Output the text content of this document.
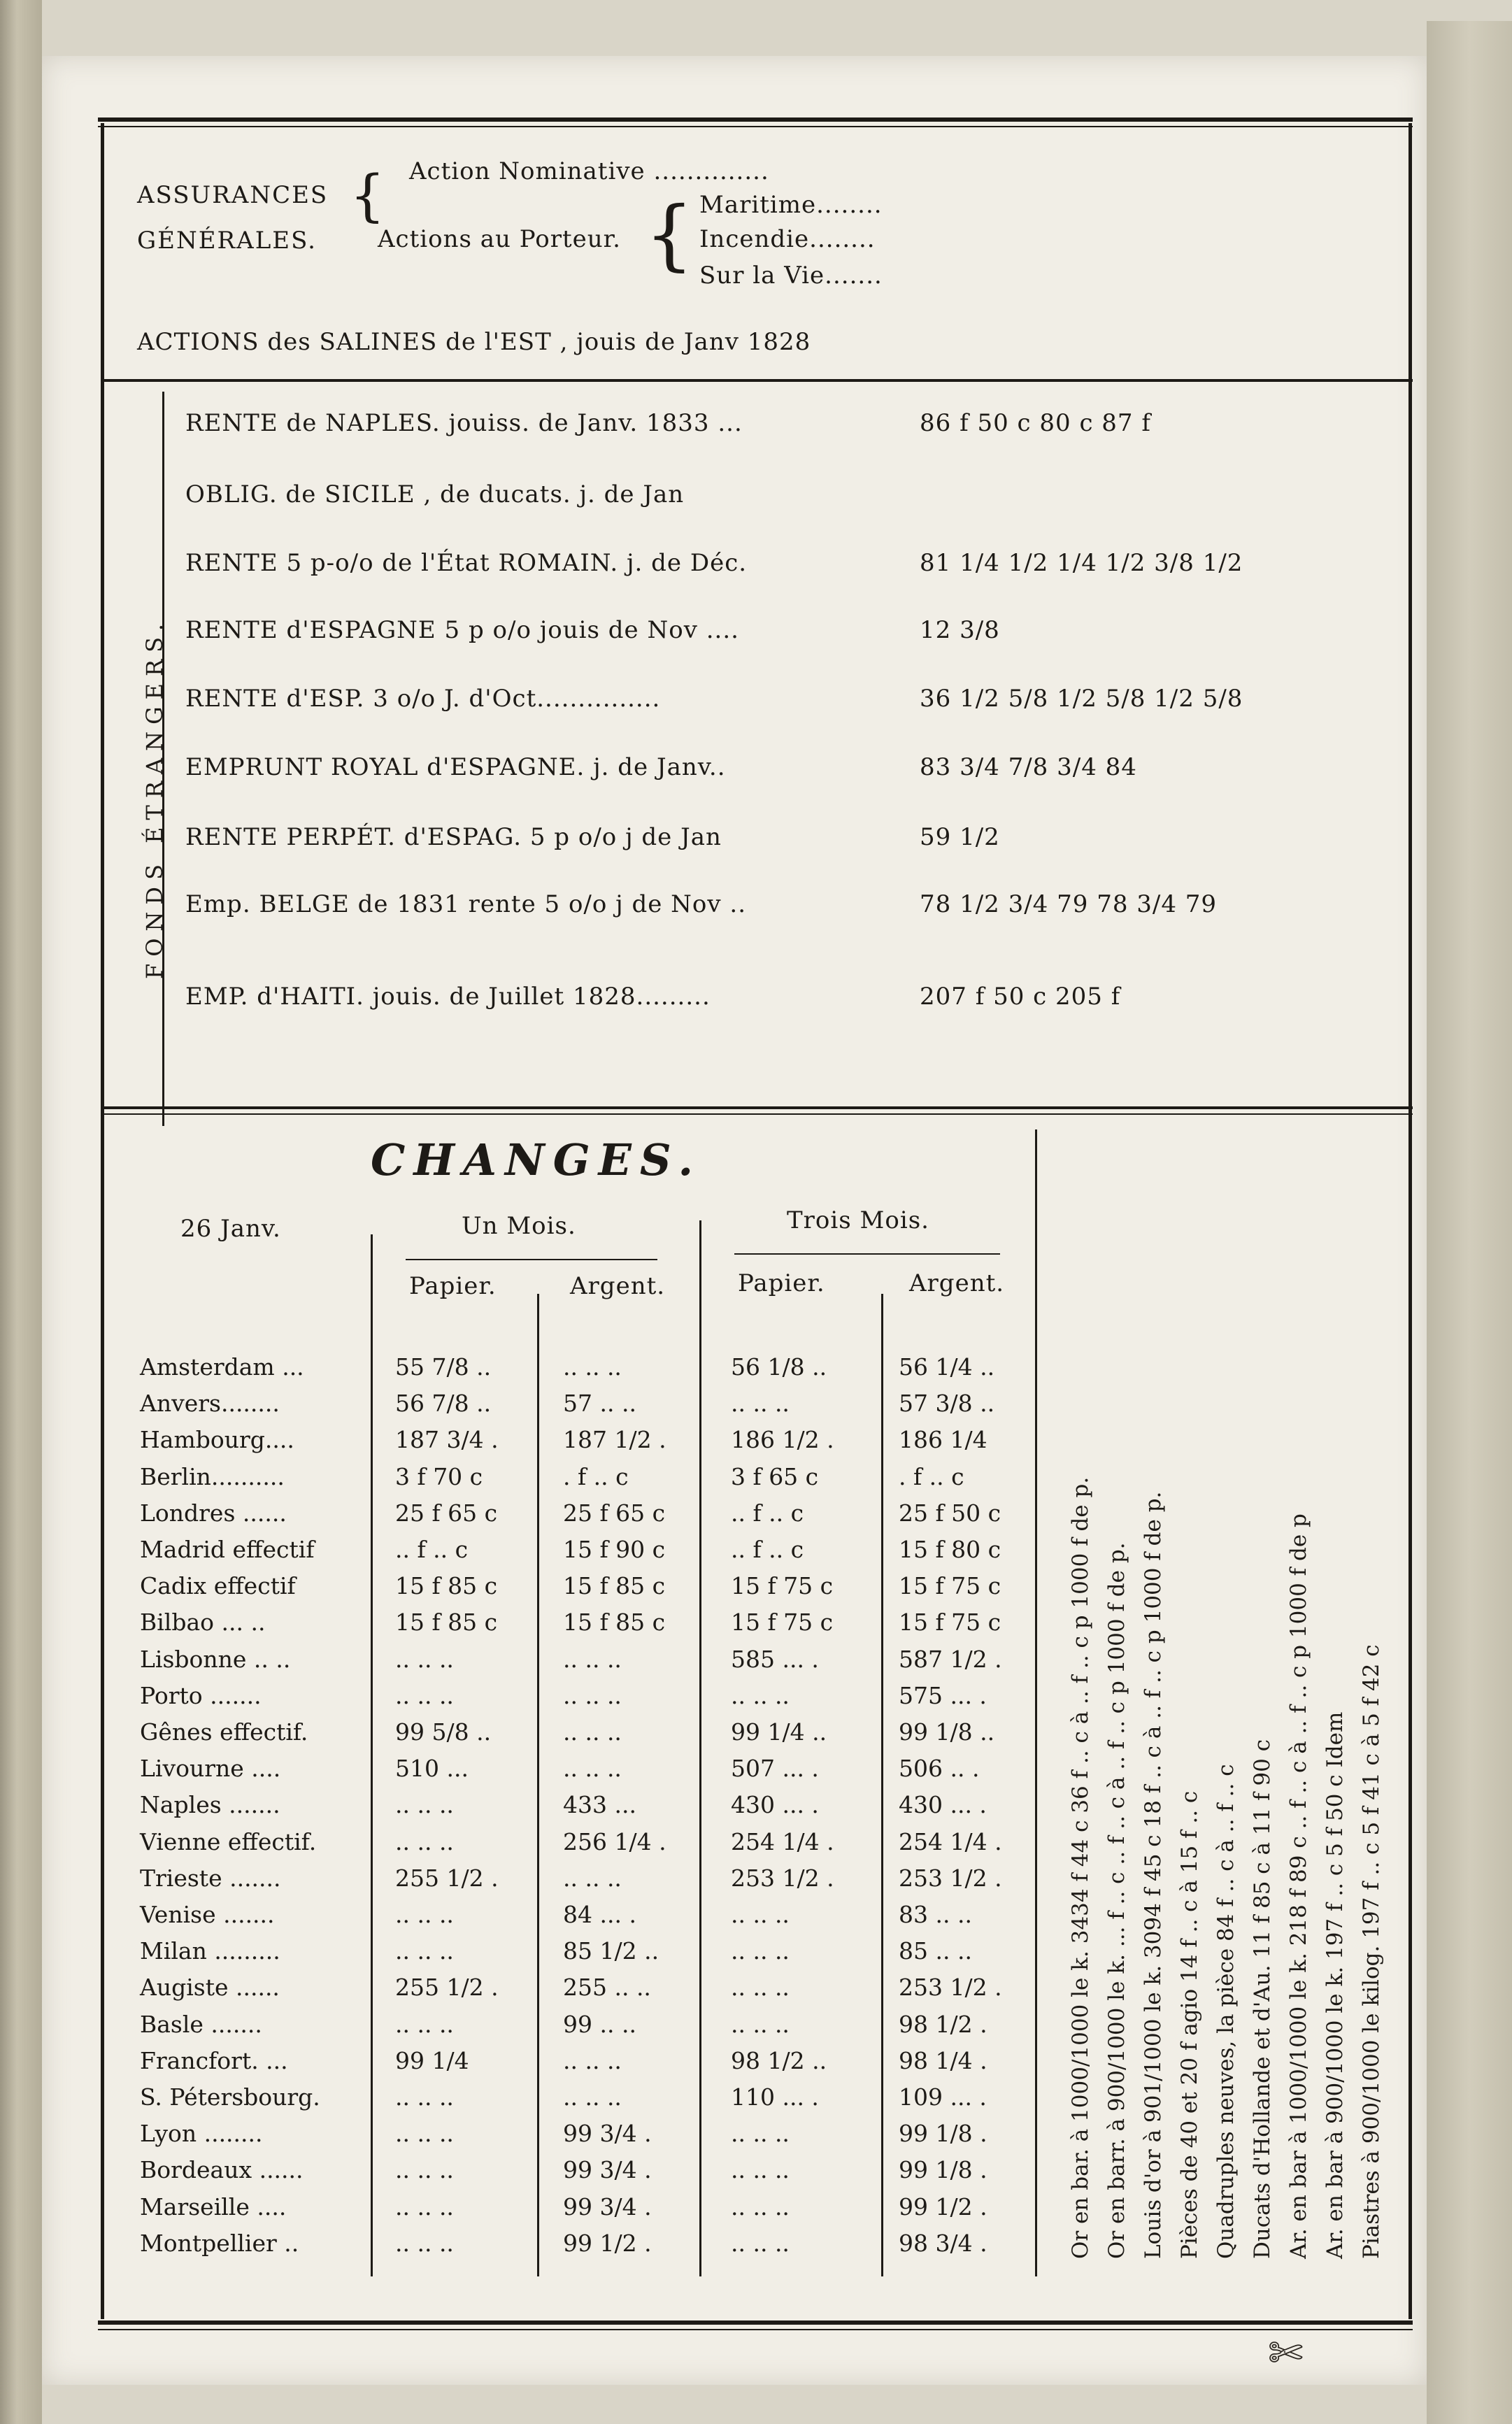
ASSURANCES
GÉNÉRALES.
{ Action Nominative ..............
Actions au Porteur. { Maritime........
Incendie........
Sur la Vie.......
ACTIONS des SALINES de l'EST , jouis de Janv 1828
FONDS ÉTRANGERS.
RENTE de NAPLES. jouiss. de Janv. 1833 ...	86 f 50 c 80 c 87 f
OBLIG. de SICILE , de ducats. j. de Jan
RENTE 5 p-o/o de l'État ROMAIN. j. de Déc.	81 1/4 1/2 1/4 1/2 3/8 1/2
RENTE d'ESPAGNE 5 p o/o jouis de Nov ....	12 3/8
RENTE d'ESP. 3 o/o J. d'Oct...............	36 1/2 5/8 1/2 5/8 1/2 5/8
EMPRUNT ROYAL d'ESPAGNE. j. de Janv..	83 3/4 7/8 3/4 84
RENTE PERPÉT. d'ESPAG. 5 p o/o j de Jan	59 1/2
Emp. BELGE de 1831 rente 5 o/o j de Nov ..	78 1/2 3/4 79 78 3/4 79
EMP. d'HAITI. jouis. de Juillet 1828.........	207 f 50 c 205 f
CHANGES.
26 Janv.	Un Mois.	Trois Mois.
Papier.	Argent.	Papier.	Argent.
Amsterdam ...	55 7/8 ..	.. .. ..	56 1/8 ..	56 1/4 ..
Anvers........	56 7/8 ..	57 .. ..	.. .. ..	57 3/8 ..
Hambourg....	187 3/4 .	187 1/2 .	186 1/2 .	186 1/4
Berlin..........	3 f 70 c	. f .. c	3 f 65 c	. f .. c
Londres ......	25 f 65 c	25 f 65 c	.. f .. c	25 f 50 c
Madrid effectif	.. f .. c	15 f 90 c	.. f .. c	15 f 80 c
Cadix effectif	15 f 85 c	15 f 85 c	15 f 75 c	15 f 75 c
Bilbao ... ..	15 f 85 c	15 f 85 c	15 f 75 c	15 f 75 c
Lisbonne .. ..	.. .. ..	.. .. ..	585 ... .	587 1/2 .
Porto .......	.. .. ..	.. .. ..	.. .. ..	575 ... .
Gênes effectif.	99 5/8 ..	.. .. ..	99 1/4 ..	99 1/8 ..
Livourne ....	510 ...	.. .. ..	507 ... .	506 .. .
Naples .......	.. .. ..	433 ...	430 ... .	430 ... .
Vienne effectif.	.. .. ..	256 1/4 .	254 1/4 .	254 1/4 .
Trieste .......	255 1/2 .	.. .. ..	253 1/2 .	253 1/2 .
Venise .......	.. .. ..	84 ... .	.. .. ..	83 .. ..
Milan .........	.. .. ..	85 1/2 ..	.. .. ..	85 .. ..
Augiste ......	255 1/2 .	255 .. ..	.. .. ..	253 1/2 .
Basle .......	.. .. ..	99 .. ..	.. .. ..	98 1/2 .
Francfort. ...	99 1/4	.. .. ..	98 1/2 ..	98 1/4 .
S. Pétersbourg.	.. .. ..	.. .. ..	110 ... .	109 ... .
Lyon ........	.. .. ..	99 3/4 .	.. .. ..	99 1/8 .
Bordeaux ......	.. .. ..	99 3/4 .	.. .. ..	99 1/8 .
Marseille ....	.. .. ..	99 3/4 .	.. .. ..	99 1/2 .
Montpellier ..	.. .. ..	99 1/2 .	.. .. ..	98 3/4 .	Or en bar. à 1000/1000 le k. 3434 f 44 c 36 f .. c à .. f .. c p 1000 f de p. Or en barr. à 900/1000 le k. ... f .. c .. f .. c à .. f .. c p 1000 f de p. Louis d'or à 901/1000 le k. 3094 f 45 c 18 f .. c à .. f .. c p 1000 f de p. Pièces de 40 et 20 f agio 14 f .. c à 15 f .. c Quadruples neuves, la pièce 84 f .. c à .. f .. c Ducats d'Hollande et d'Au. 11 f 85 c à 11 f 90 c Ar. en bar à 1000/1000 le k. 218 f 89 c .. f .. c à .. f .. c p 1000 f de p Ar. en bar à 900/1000 le k. 197 f .. c 5 f 50 c Idem Piastres à 900/1000 le kilog. 197 f .. c 5 f 41 c à 5 f 42 c
✄
